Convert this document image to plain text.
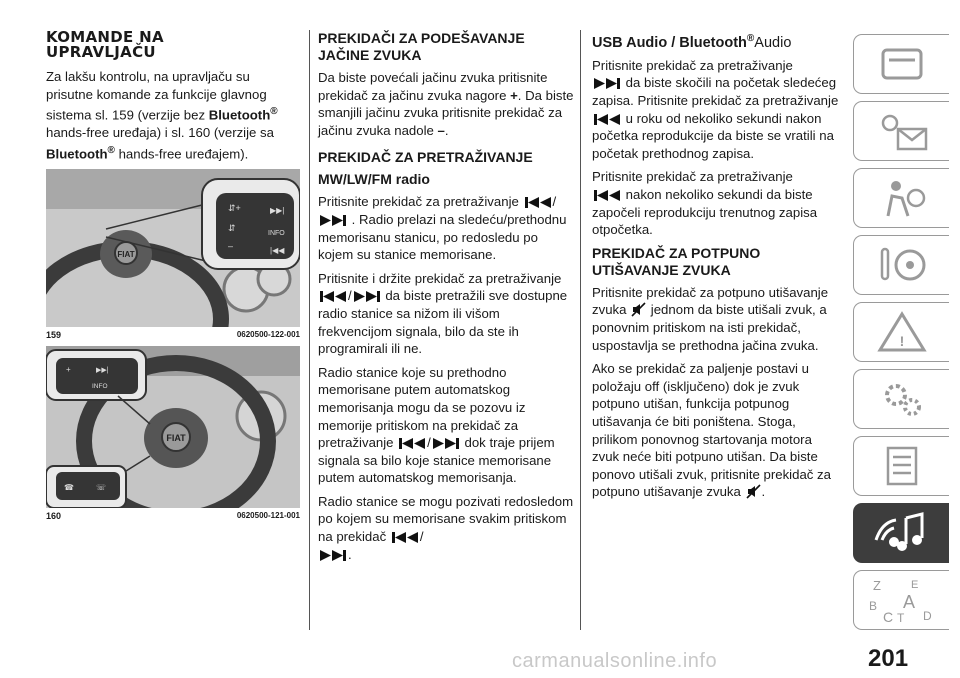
KOMANDE NA
UPRAVLJAČU

Za lakšu kontrolu, na upravljaču su prisutne komande za funkcije glavnog sistema sl. 159 (verzije bez Bluetooth® hands-free uređaja) i sl. 160 (verzije sa Bluetooth® hands-free uređajem).

FIAT
⇵+
⇵
–
▶▶|
INFO
|◀◀
159	0620500-122-001
FIAT
+	▶▶|
INFO
☎	☏
160	0620500-121-001
PREKIDAČI ZA PODEŠAVANJE JAČINE ZVUKA

Da biste povećali jačinu zvuka pritisnite prekidač za jačinu zvuka nagore +. Da biste smanjili jačinu zvuka pritisnite prekidač za jačinu zvuka nadole –.

PREKIDAČ ZA PRETRAŽIVANJE
MW/LW/FM radio

Pritisnite prekidač za pretraživanje	/
. Radio prelazi na sledeću/prethodnu memorisanu stanicu, po redosledu po kojem su stanice memorisane.

Pritisnite i držite prekidač za pretraživanje
/	da biste pretražili sve dostupne radio stanice sa nižom ili višom frekvencijom signala, bilo da ste ih programirali ili ne.

Radio stanice koje su prethodno memorisane putem automatskog memorisanja mogu da se pozovu iz memorije pritiskom na prekidač za pretraživanje	/	dok traje prijem signala sa bilo koje stanice memorisane putem automatskog memorisanja.

Radio stanice se mogu pozivati redosledom po kojem su memorisane svakim pritiskom na prekidač	/

.

USB Audio / Bluetooth®Audio

Pritisnite prekidač za pretraživanje

da biste skočili na početak sledećeg zapisa. Pritisnite prekidač za pretraživanje
u roku od nekoliko sekundi nakon početka reprodukcije da biste se vratili na početak prethodnog zapisa.

Pritisnite prekidač za pretraživanje

nakon nekoliko sekundi da biste započeli reprodukciju trenutnog zapisa otpočetka.

PREKIDAČ ZA POTPUNO UTIŠAVANJE ZVUKA

Pritisnite prekidač za potpuno utišavanje zvuka jednom da biste utišali zvuk, a ponovnim pritiskom na isti prekidač, uspostavlja se prethodna jačina zvuka.

Ako se prekidač za paljenje postavi u položaju off (isključeno) dok je zvuk potpuno utišan, funkcija potpunog utišavanja će biti poništena. Stoga, prilikom ponovnog startovanja motora zvuk neće biti potpuno utišan. Da biste ponovo utišali zvuk, pritisnite prekidač za potpuno utišavanje zvuka .

!
Z	E
B A
C T D
201
carmanualsonline.info
